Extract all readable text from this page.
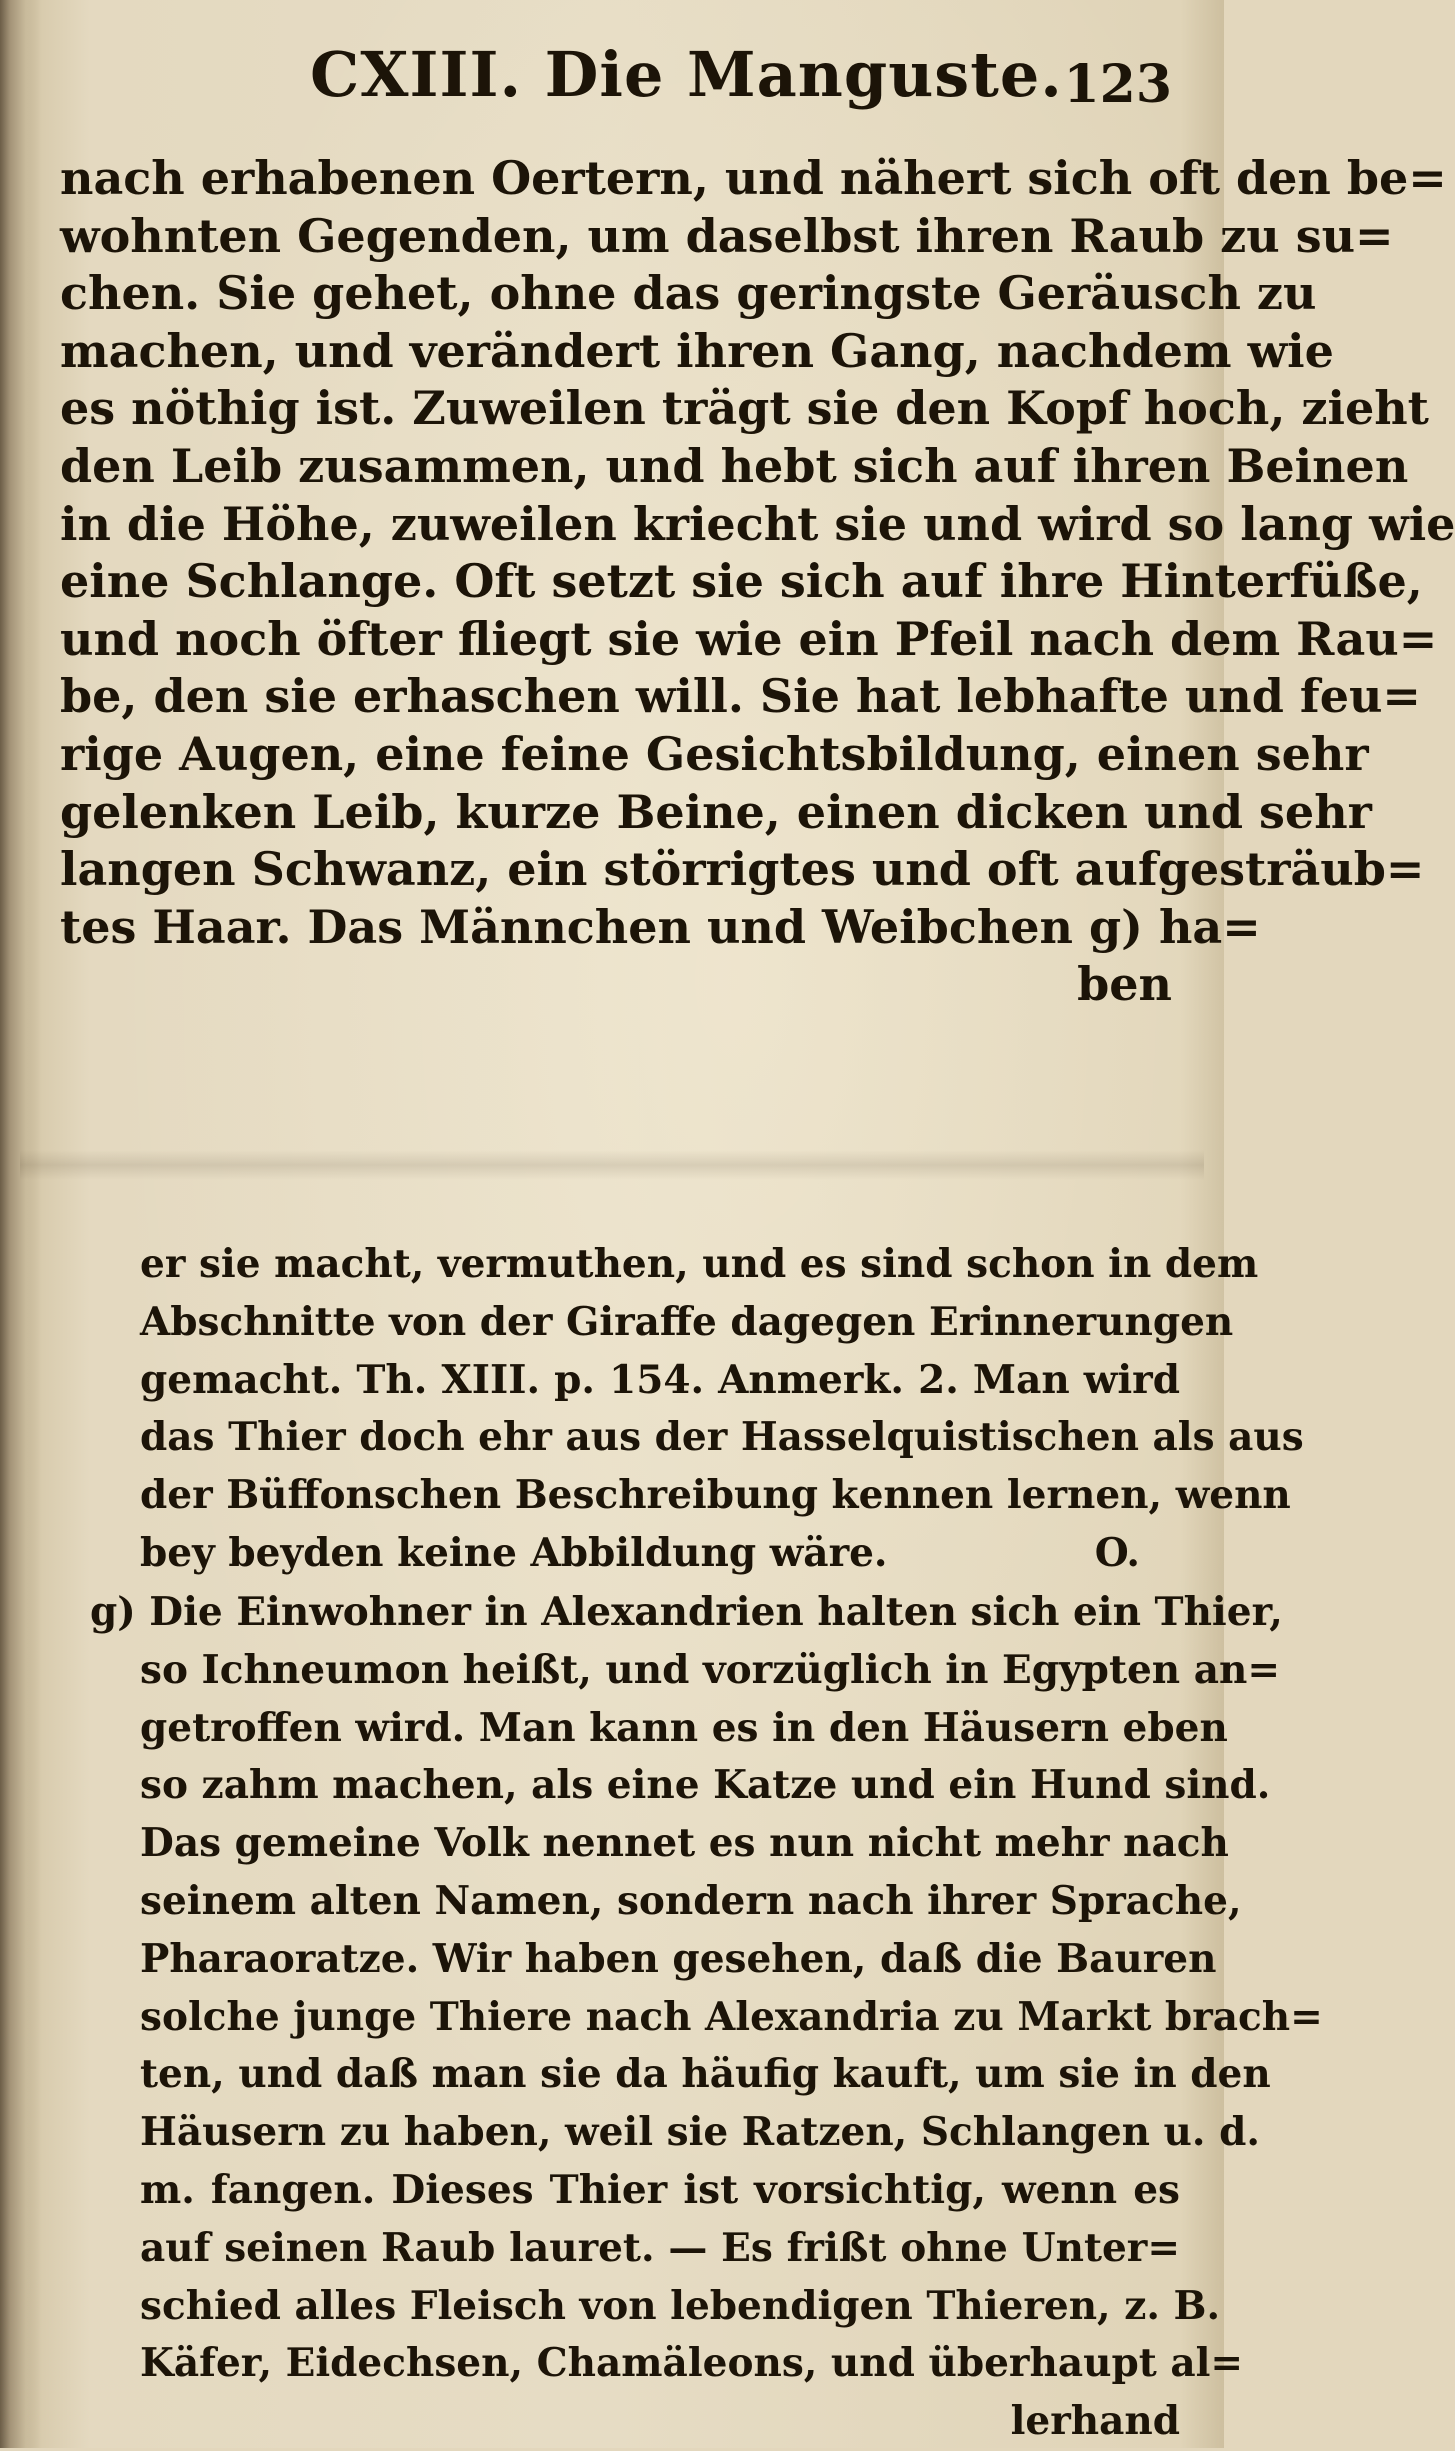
CXIII. Die Manguste. 123
nach erhabenen Oertern, und nähert sich oft den be=
wohnten Gegenden, um daselbst ihren Raub zu su=
chen. Sie gehet, ohne das geringste Geräusch zu
machen, und verändert ihren Gang, nachdem wie
es nöthig ist. Zuweilen trägt sie den Kopf hoch, zieht
den Leib zusammen, und hebt sich auf ihren Beinen
in die Höhe, zuweilen kriecht sie und wird so lang wie
eine Schlange. Oft setzt sie sich auf ihre Hinterfüße,
und noch öfter fliegt sie wie ein Pfeil nach dem Rau=
be, den sie erhaschen will. Sie hat lebhafte und feu=
rige Augen, eine feine Gesichtsbildung, einen sehr
gelenken Leib, kurze Beine, einen dicken und sehr
langen Schwanz, ein störrigtes und oft aufgesträub=
tes Haar. Das Männchen und Weibchen g) ha=
ben
er sie macht, vermuthen, und es sind schon in dem
Abschnitte von der Giraffe dagegen Erinnerungen
gemacht. Th. XIII. p. 154. Anmerk. 2. Man wird
das Thier doch ehr aus der Hasselquistischen als aus
der Büffonschen Beschreibung kennen lernen, wenn
bey beyden keine Abbildung wäre.	O.
g) Die Einwohner in Alexandrien halten sich ein Thier,
so Ichneumon heißt, und vorzüglich in Egypten an=
getroffen wird. Man kann es in den Häusern eben
so zahm machen, als eine Katze und ein Hund sind.
Das gemeine Volk nennet es nun nicht mehr nach
seinem alten Namen, sondern nach ihrer Sprache,
Pharaoratze. Wir haben gesehen, daß die Bauren
solche junge Thiere nach Alexandria zu Markt brach=
ten, und daß man sie da häufig kauft, um sie in den
Häusern zu haben, weil sie Ratzen, Schlangen u. d.
m. fangen. Dieses Thier ist vorsichtig, wenn es
auf seinen Raub lauret. — Es frißt ohne Unter=
schied alles Fleisch von lebendigen Thieren, z. B.
Käfer, Eidechsen, Chamäleons, und überhaupt al=
lerhand
